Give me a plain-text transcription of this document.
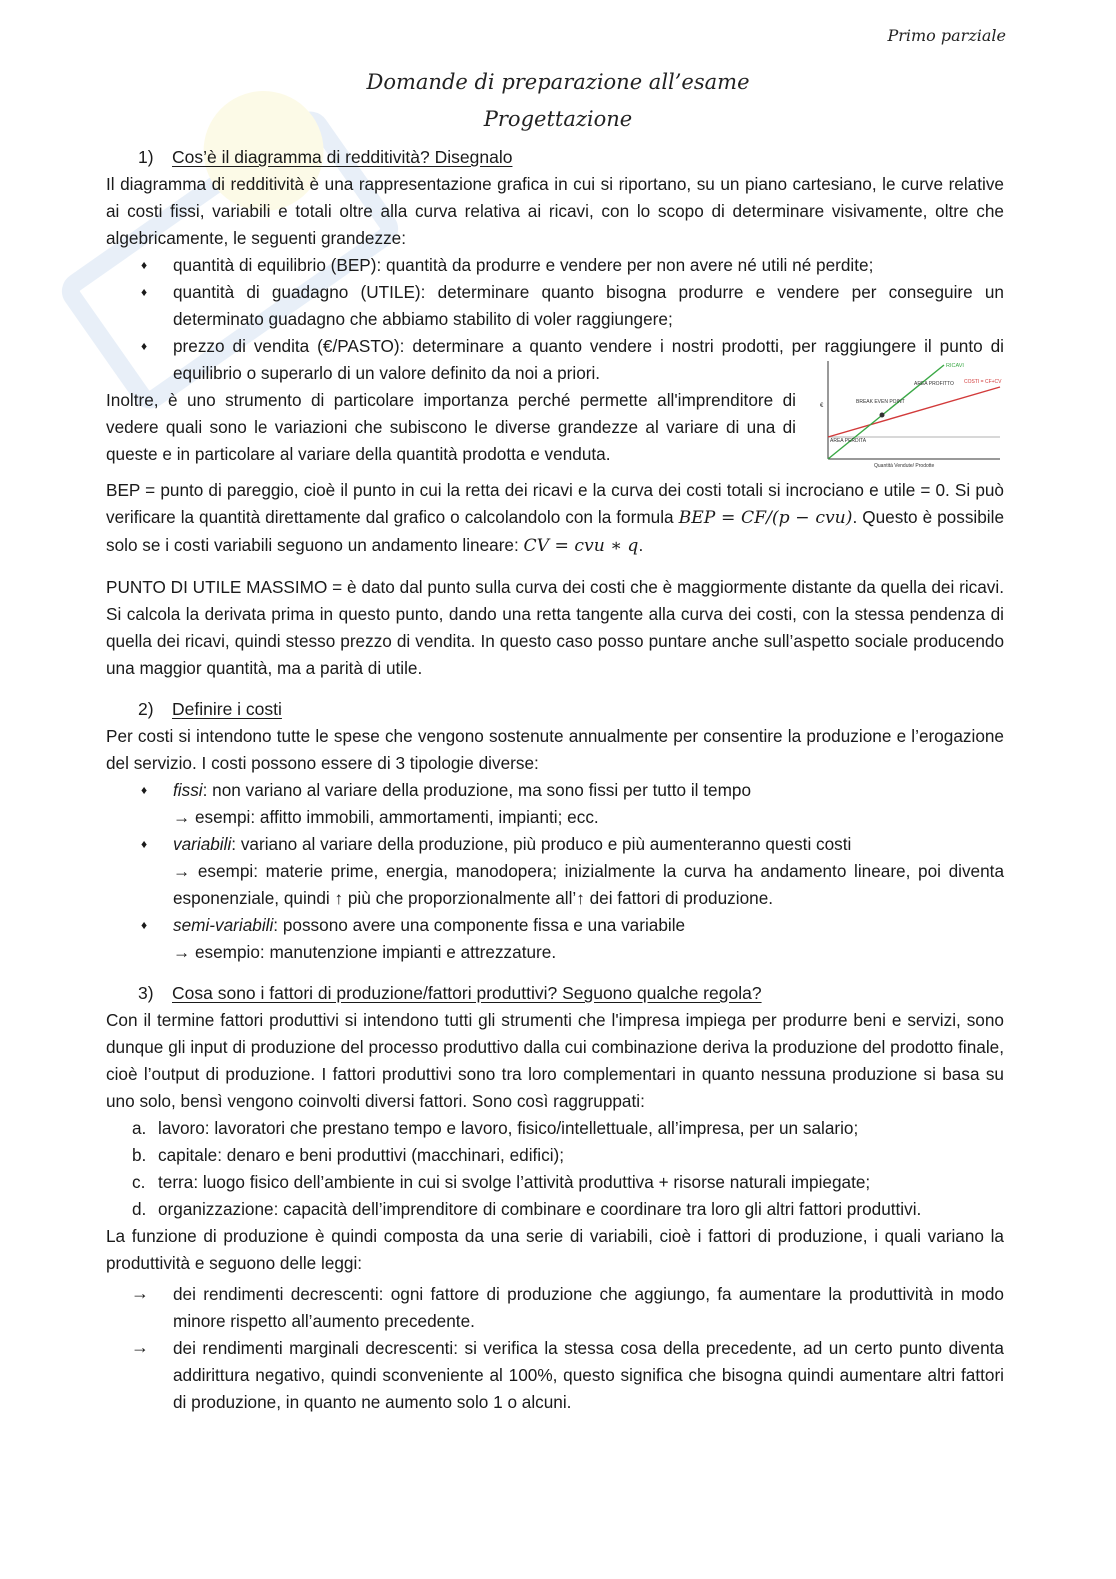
Primo parziale
Domande di preparazione all’esame
Progettazione
1) Cos’è il diagramma di redditività? Disegnalo

Il diagramma di redditività è una rappresentazione grafica in cui si riportano, su un piano cartesiano, le curve relative ai costi fissi, variabili e totali oltre alla curva relativa ai ricavi, con lo scopo di determinare visivamente, oltre che algebricamente, le seguenti grandezze:

♦ quantità di equilibrio (BEP): quantità da produrre e vendere per non avere né utili né perdite;
♦ quantità di guadagno (UTILE): determinare quanto bisogna produrre e vendere per conseguire un determinato guadagno che abbiamo stabilito di voler raggiungere;
♦ prezzo di vendita (€/PASTO): determinare a quanto vendere i nostri prodotti, per raggiungere il punto di equilibrio o superarlo di un valore definito da noi a priori.	RICAVI
COSTI = CF+CV
BREAK EVEN POINT
AREA PROFITTO
AREA PERDITA
Quantità Vendute/ Prodotte
€

Inoltre, è uno strumento di particolare importanza perché permette all'imprenditore di vedere quali sono le variazioni che subiscono le diverse grandezze al variare di una di queste e in particolare al variare della quantità prodotta e venduta.

BEP = punto di pareggio, cioè il punto in cui la retta dei ricavi e la curva dei costi totali si incrociano e utile = 0. Si può verificare la quantità direttamente dal grafico o calcolandolo con la formula BEP = CF/(p − cvu). Questo è possibile solo se i costi variabili seguono un andamento lineare: CV = cvu ∗ q.

PUNTO DI UTILE MASSIMO = è dato dal punto sulla curva dei costi che è maggiormente distante da quella dei ricavi. Si calcola la derivata prima in questo punto, dando una retta tangente alla curva dei costi, con la stessa pendenza di quella dei ricavi, quindi stesso prezzo di vendita. In questo caso posso puntare anche sull’aspetto sociale producendo una maggior quantità, ma a parità di utile.

2) Definire i costi

Per costi si intendono tutte le spese che vengono sostenute annualmente per consentire la produzione e l’erogazione del servizio. I costi possono essere di 3 tipologie diverse:

♦ fissi: non variano al variare della produzione, ma sono fissi per tutto il tempo
→ esempi: affitto immobili, ammortamenti, impianti; ecc.
♦ variabili: variano al variare della produzione, più produco e più aumenteranno questi costi
→ esempi: materie prime, energia, manodopera; inizialmente la curva ha andamento lineare, poi diventa esponenziale, quindi ↑ più che proporzionalmente all’↑ dei fattori di produzione.
♦ semi-variabili: possono avere una componente fissa e una variabile
→ esempio: manutenzione impianti e attrezzature.
3) Cosa sono i fattori di produzione/fattori produttivi? Seguono qualche regola?

Con il termine fattori produttivi si intendono tutti gli strumenti che l'impresa impiega per produrre beni e servizi, sono dunque gli input di produzione del processo produttivo dalla cui combinazione deriva la produzione del prodotto finale, cioè l’output di produzione. I fattori produttivi sono tra loro complementari in quanto nessuna produzione si basa su uno solo, bensì vengono coinvolti diversi fattori. Sono così raggruppati:

a. lavoro: lavoratori che prestano tempo e lavoro, fisico/intellettuale, all’impresa, per un salario;
b. capitale: denaro e beni produttivi (macchinari, edifici);
c. terra: luogo fisico dell’ambiente in cui si svolge l’attività produttiva + risorse naturali impiegate;
d. organizzazione: capacità dell’imprenditore di combinare e coordinare tra loro gli altri fattori produttivi.

La funzione di produzione è quindi composta da una serie di variabili, cioè i fattori di produzione, i quali variano la produttività e seguono delle leggi:

→ dei rendimenti decrescenti: ogni fattore di produzione che aggiungo, fa aumentare la produttività in modo minore rispetto all’aumento precedente.
→ dei rendimenti marginali decrescenti: si verifica la stessa cosa della precedente, ad un certo punto diventa addirittura negativo, quindi sconveniente al 100%, questo significa che bisogna quindi aumentare altri fattori di produzione, in quanto ne aumento solo 1 o alcuni.
